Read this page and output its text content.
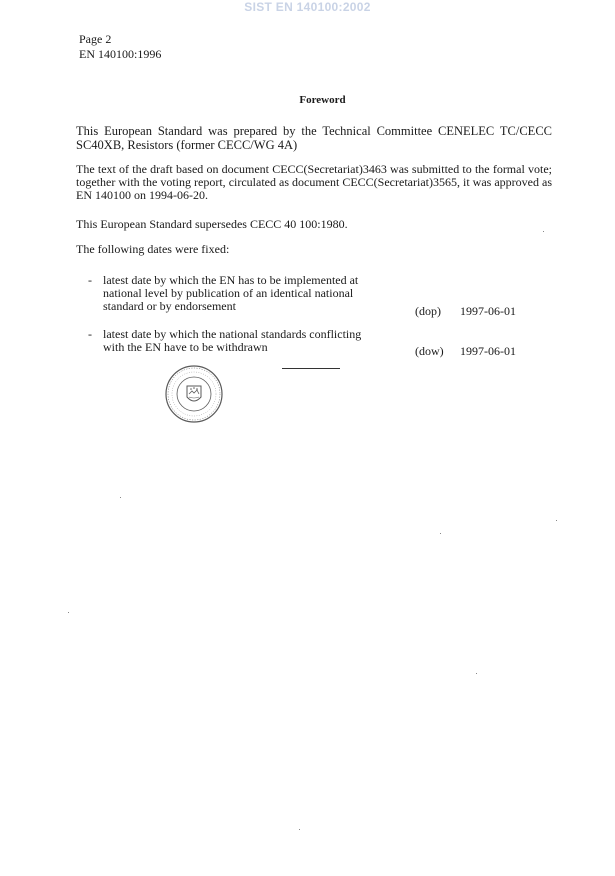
SIST EN 140100:2002
Page 2
EN 140100:1996
Foreword
This European Standard was prepared by the Technical Committee CENELEC TC/CECC SC40XB, Resistors (former CECC/WG 4A)
The text of the draft based on document CECC(Secretariat)3463 was submitted to the formal vote; together with the voting report, circulated as document CECC(Secretariat)3565, it was approved as EN 140100 on 1994-06-20.
This European Standard supersedes CECC 40 100:1980.
The following dates were fixed:
- latest date by which the EN has to be implemented at national level by publication of an identical national standard or by endorsement	(dop)	1997-06-01
- latest date by which the national standards conflicting with the EN have to be withdrawn	(dow)	1997-06-01
